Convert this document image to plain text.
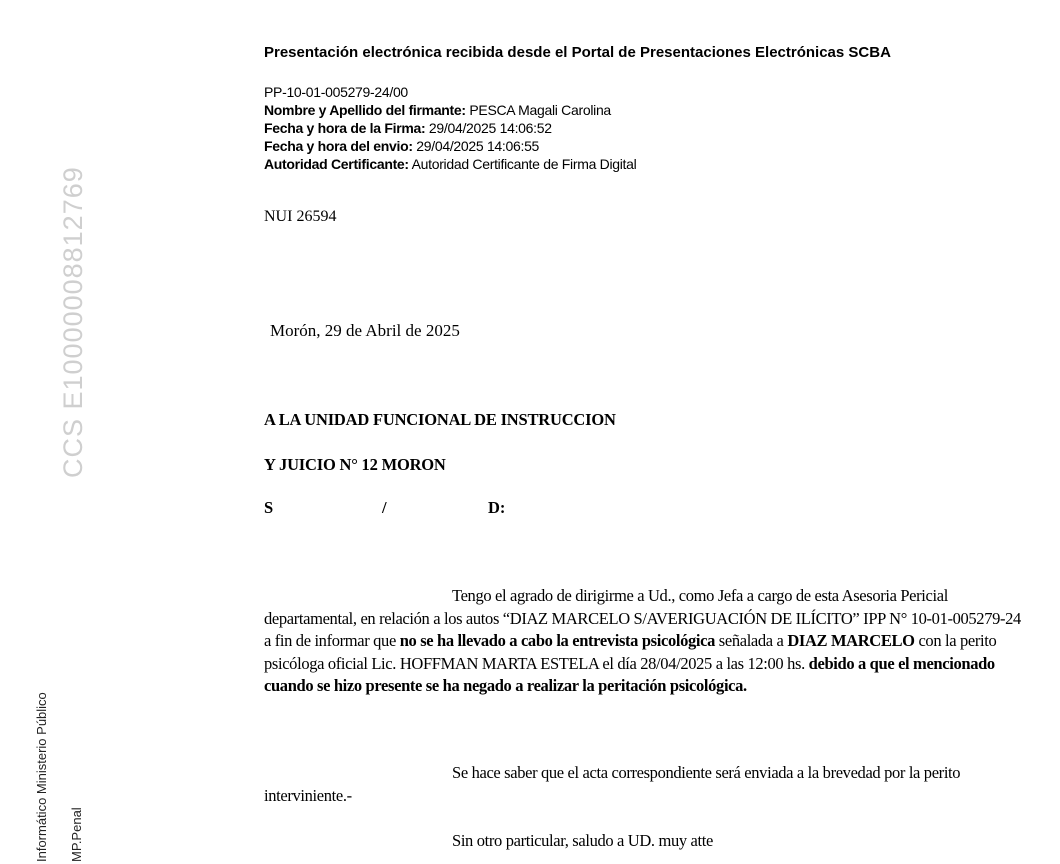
CCS E10000008812769
Informático Ministerio Público MP.Penal
Presentación electrónica recibida desde el Portal de Presentaciones Electrónicas SCBA
PP-10-01-005279-24/00
Nombre y Apellido del firmante: PESCA Magali Carolina
Fecha y hora de la Firma: 29/04/2025 14:06:52
Fecha y hora del envio: 29/04/2025 14:06:55
Autoridad Certificante: Autoridad Certificante de Firma Digital
NUI 26594
Morón, 29 de Abril de 2025
A LA UNIDAD FUNCIONAL DE INSTRUCCION
Y JUICIO N° 12 MORON
S	/	D:
Tengo el agrado de dirigirme a Ud., como Jefa a cargo de esta Asesoria Pericial departamental, en relación a los autos “DIAZ MARCELO S/AVERIGUACIÓN DE ILÍCITO” IPP N° 10-01-005279-24 a fin de informar que no se ha llevado a cabo la entrevista psicológica señalada a DIAZ MARCELO con la perito psicóloga oficial Lic. HOFFMAN MARTA ESTELA el día 28/04/2025 a las 12:00 hs. debido a que el mencionado cuando se hizo presente se ha negado a realizar la peritación psicológica.
Se hace saber que el acta correspondiente será enviada a la brevedad por la perito interviniente.-
Sin otro particular, saludo a UD. muy atte
